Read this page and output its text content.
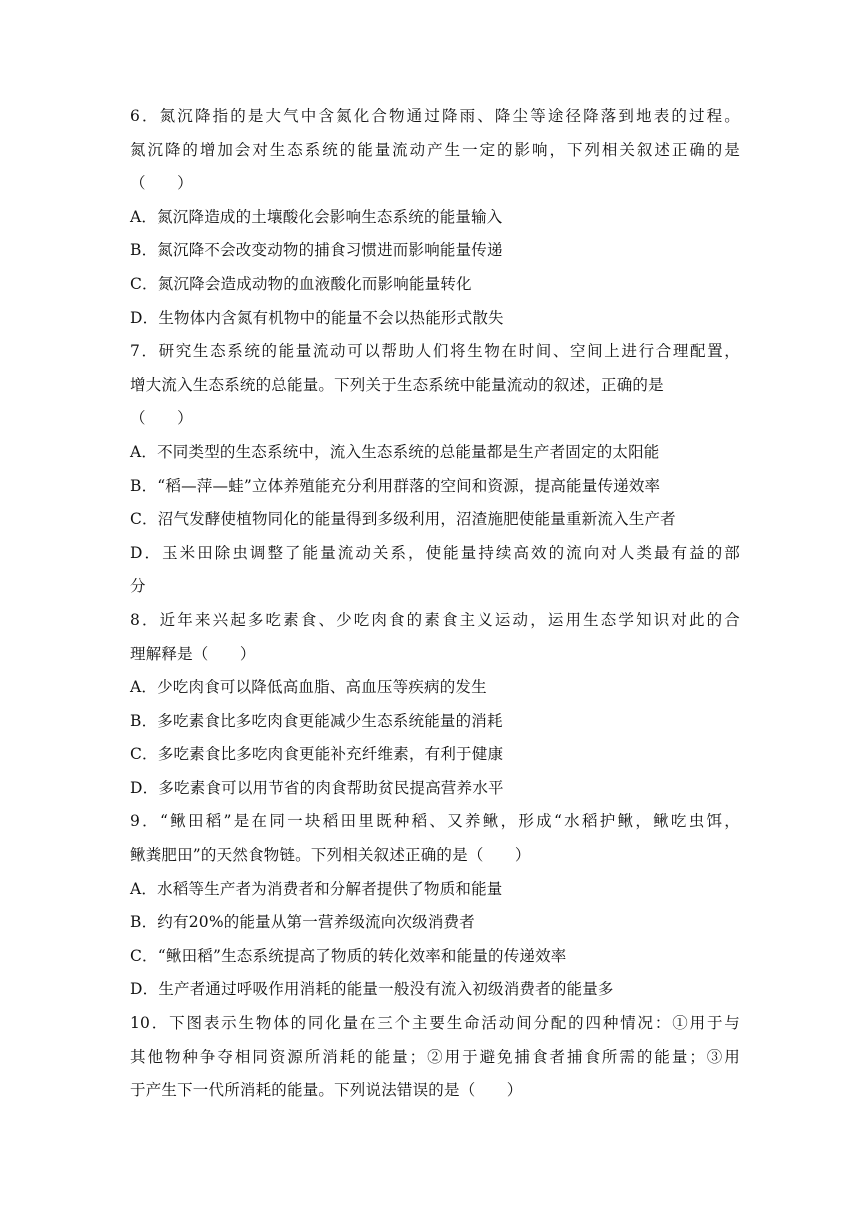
6．氮沉降指的是大气中含氮化合物通过降雨、降尘等途径降落到地表的过程。
氮沉降的增加会对生态系统的能量流动产生一定的影响，下列相关叙述正确的是
（　　）
A．氮沉降造成的土壤酸化会影响生态系统的能量输入
B．氮沉降不会改变动物的捕食习惯进而影响能量传递
C．氮沉降会造成动物的血液酸化而影响能量转化
D．生物体内含氮有机物中的能量不会以热能形式散失
7．研究生态系统的能量流动可以帮助人们将生物在时间、空间上进行合理配置，
增大流入生态系统的总能量。下列关于生态系统中能量流动的叙述，正确的是
（　　）
A．不同类型的生态系统中，流入生态系统的总能量都是生产者固定的太阳能
B．“稻—萍—蛙”立体养殖能充分利用群落的空间和资源，提高能量传递效率
C．沼气发酵使植物同化的能量得到多级利用，沼渣施肥使能量重新流入生产者
D．玉米田除虫调整了能量流动关系，使能量持续高效的流向对人类最有益的部
分
8．近年来兴起多吃素食、少吃肉食的素食主义运动，运用生态学知识对此的合
理解释是（　　）
A．少吃肉食可以降低高血脂、高血压等疾病的发生
B．多吃素食比多吃肉食更能减少生态系统能量的消耗
C．多吃素食比多吃肉食更能补充纤维素，有利于健康
D．多吃素食可以用节省的肉食帮助贫民提高营养水平
9．“鳅田稻”是在同一块稻田里既种稻、又养鳅，形成“水稻护鳅，鳅吃虫饵，
鳅粪肥田”的天然食物链。下列相关叙述正确的是（　　）
A．水稻等生产者为消费者和分解者提供了物质和能量
B．约有20%的能量从第一营养级流向次级消费者
C．“鳅田稻”生态系统提高了物质的转化效率和能量的传递效率
D．生产者通过呼吸作用消耗的能量一般没有流入初级消费者的能量多
10．下图表示生物体的同化量在三个主要生命活动间分配的四种情况：①用于与
其他物种争夺相同资源所消耗的能量；②用于避免捕食者捕食所需的能量；③用
于产生下一代所消耗的能量。下列说法错误的是（　　）
